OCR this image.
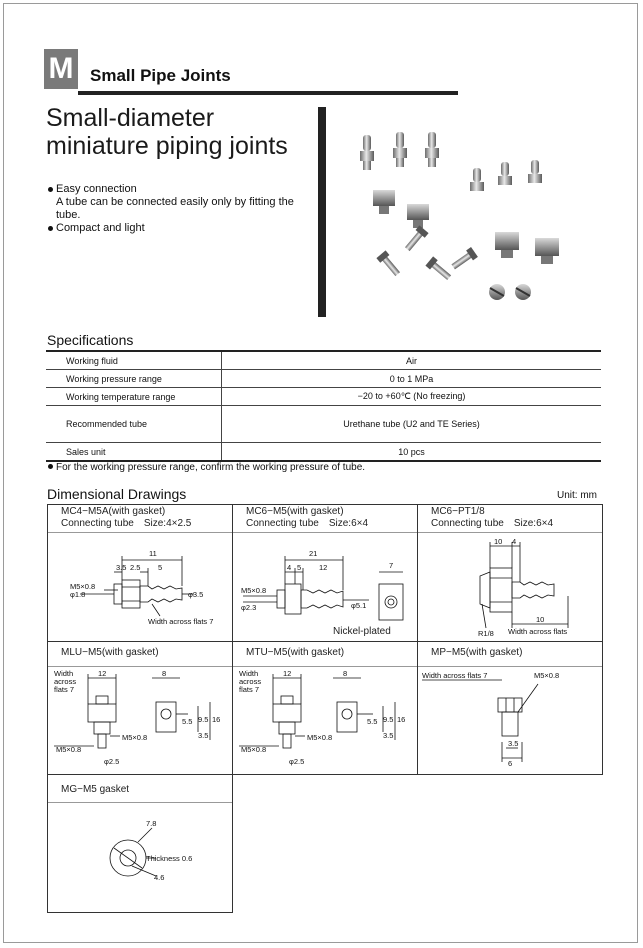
M Small Pipe Joints
Small-diameter
miniature piping joints
Easy connection
A tube can be connected easily only by fitting the
tube.
Compact and light
Specifications
Working fluid	Air
Working pressure range	0 to 1 MPa
Working temperature range	−20 to +60℃ (No freezing)
Recommended tube	Urethane tube (U2 and TE Series)
Sales unit	10 pcs
For the working pressure range, confirm the working pressure of tube.
Dimensional Drawings	Unit: mm
MC4−M5A(with gasket)
Connecting tube　Size:4×2.5
11
3.5 2.5 5
M5×0.8
φ1.8	φ3.5
Width across flats 7
MC6−M5(with gasket)
Connecting tube　Size:6×4
21
4 5 12	7
M5×0.8
φ2.3	φ5.1
Nickel-plated
MC6−PT1/8
Connecting tube　Size:6×4
10 4
10
R1/8 Width across flats
MLU−M5(with gasket)
Width
across
flats 7
12	8
5.5 9.5 16
3.5
M5×0.8
M5×0.8
φ2.5
MTU−M5(with gasket)
Width
across
flats 7
12	8
5.5 9.5 16
3.5
M5×0.8
M5×0.8
φ2.5
MP−M5(with gasket)
Width across flats 7	M5×0.8
3.5
6
MG−M5 gasket
7.8
Thickness 0.6
4.6
